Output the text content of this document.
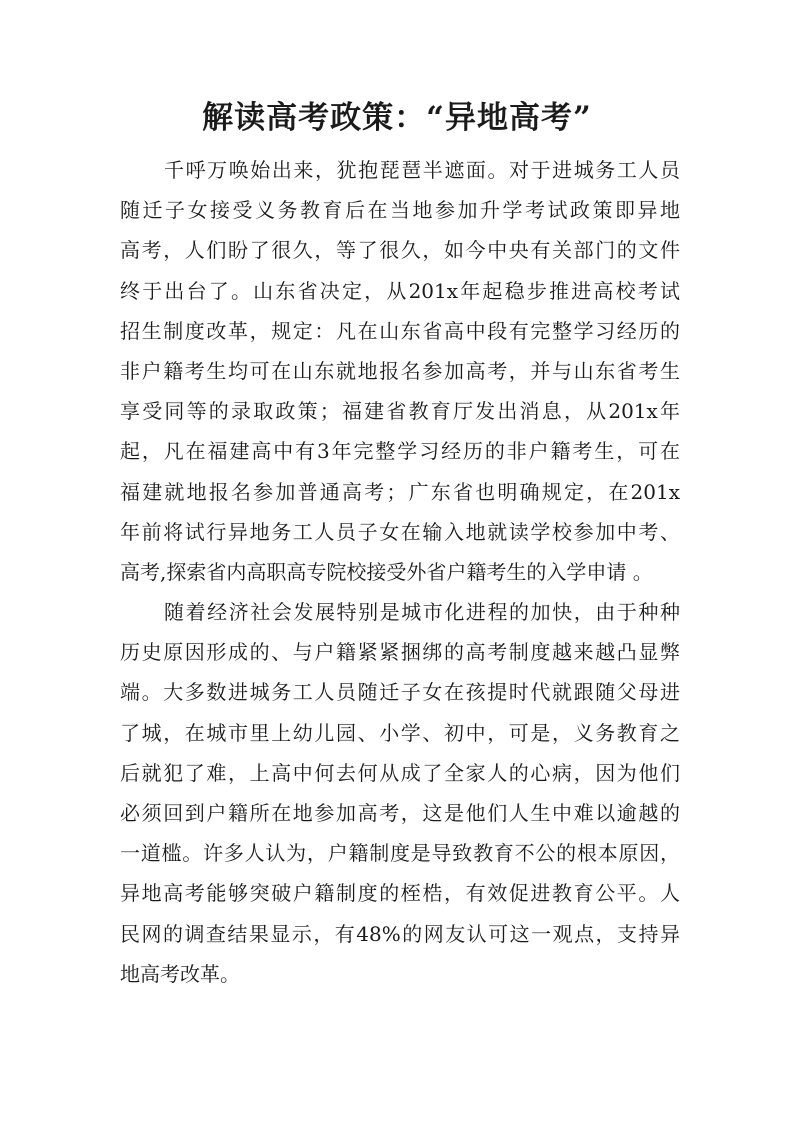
解读高考政策：“异地高考”
千呼万唤始出来，犹抱琵琶半遮面。对于进城务工人员
随迁子女接受义务教育后在当地参加升学考试政策即异地
高考，人们盼了很久，等了很久，如今中央有关部门的文件
终于出台了。山东省决定，从201x年起稳步推进高校考试
招生制度改革，规定：凡在山东省高中段有完整学习经历的
非户籍考生均可在山东就地报名参加高考，并与山东省考生
享受同等的录取政策；福建省教育厅发出消息，从201x年
起，凡在福建高中有3年完整学习经历的非户籍考生，可在
福建就地报名参加普通高考；广东省也明确规定，在201x
年前将试行异地务工人员子女在输入地就读学校参加中考、
高考,探索省内高职高专院校接受外省户籍考生的入学申请 。
随着经济社会发展特别是城市化进程的加快，由于种种
历史原因形成的、与户籍紧紧捆绑的高考制度越来越凸显弊
端。大多数进城务工人员随迁子女在孩提时代就跟随父母进
了城，在城市里上幼儿园、小学、初中，可是，义务教育之
后就犯了难，上高中何去何从成了全家人的心病，因为他们
必须回到户籍所在地参加高考，这是他们人生中难以逾越的
一道槛。许多人认为，户籍制度是导致教育不公的根本原因，
异地高考能够突破户籍制度的桎梏，有效促进教育公平。人
民网的调查结果显示，有48%的网友认可这一观点，支持异
地高考改革。
